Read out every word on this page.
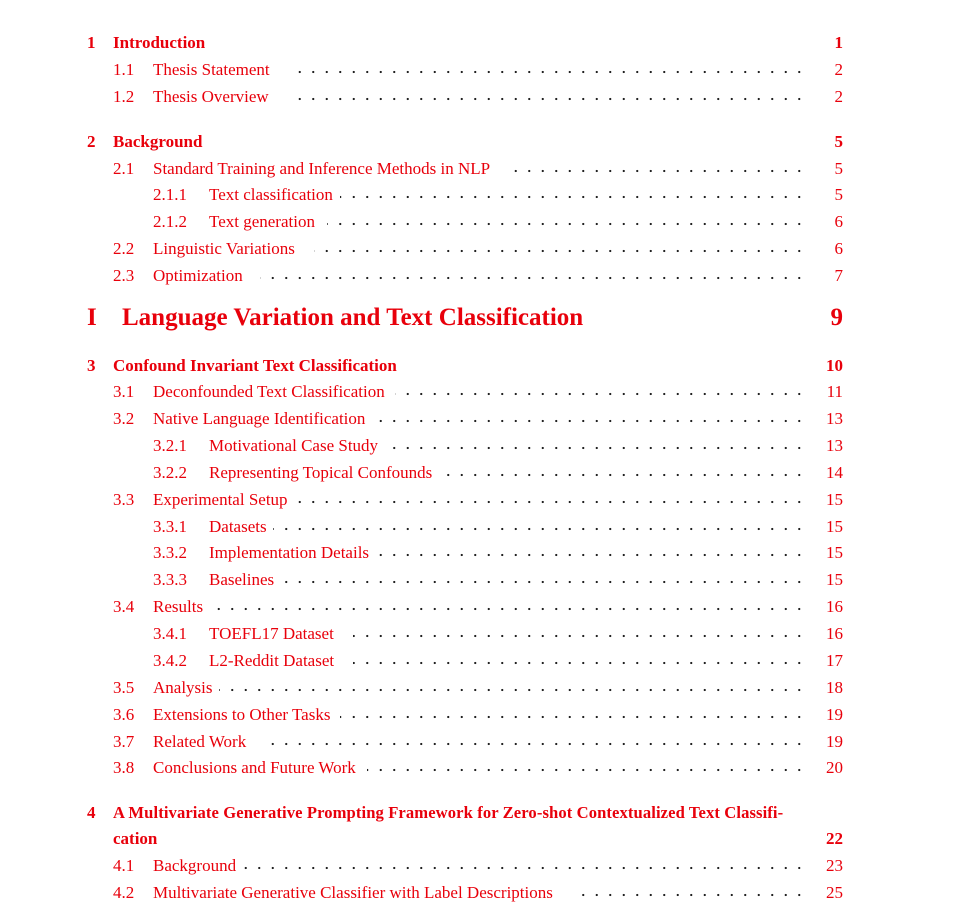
1 Introduction	1
1.1 Thesis Statement	2
1.2 Thesis Overview	2
2 Background	5
2.1 Standard Training and Inference Methods in NLP	5
2.1.1 Text classification	5
2.1.2 Text generation	6
2.2 Linguistic Variations	6
2.3 Optimization	7
I Language Variation and Text Classification	9
3 Confound Invariant Text Classification	10
3.1 Deconfounded Text Classification	11
3.2 Native Language Identification	13
3.2.1 Motivational Case Study	13
3.2.2 Representing Topical Confounds	14
3.3 Experimental Setup	15
3.3.1 Datasets	15
3.3.2 Implementation Details	15
3.3.3 Baselines	15
3.4 Results	16
3.4.1 TOEFL17 Dataset	16
3.4.2 L2-Reddit Dataset	17
3.5 Analysis	18
3.6 Extensions to Other Tasks	19
3.7 Related Work	19
3.8 Conclusions and Future Work	20
4 A Multivariate Generative Prompting Framework for Zero-shot Contextualized Text Classifi-
cation	22
4.1 Background	23
4.2 Multivariate Generative Classifier with Label Descriptions	25
